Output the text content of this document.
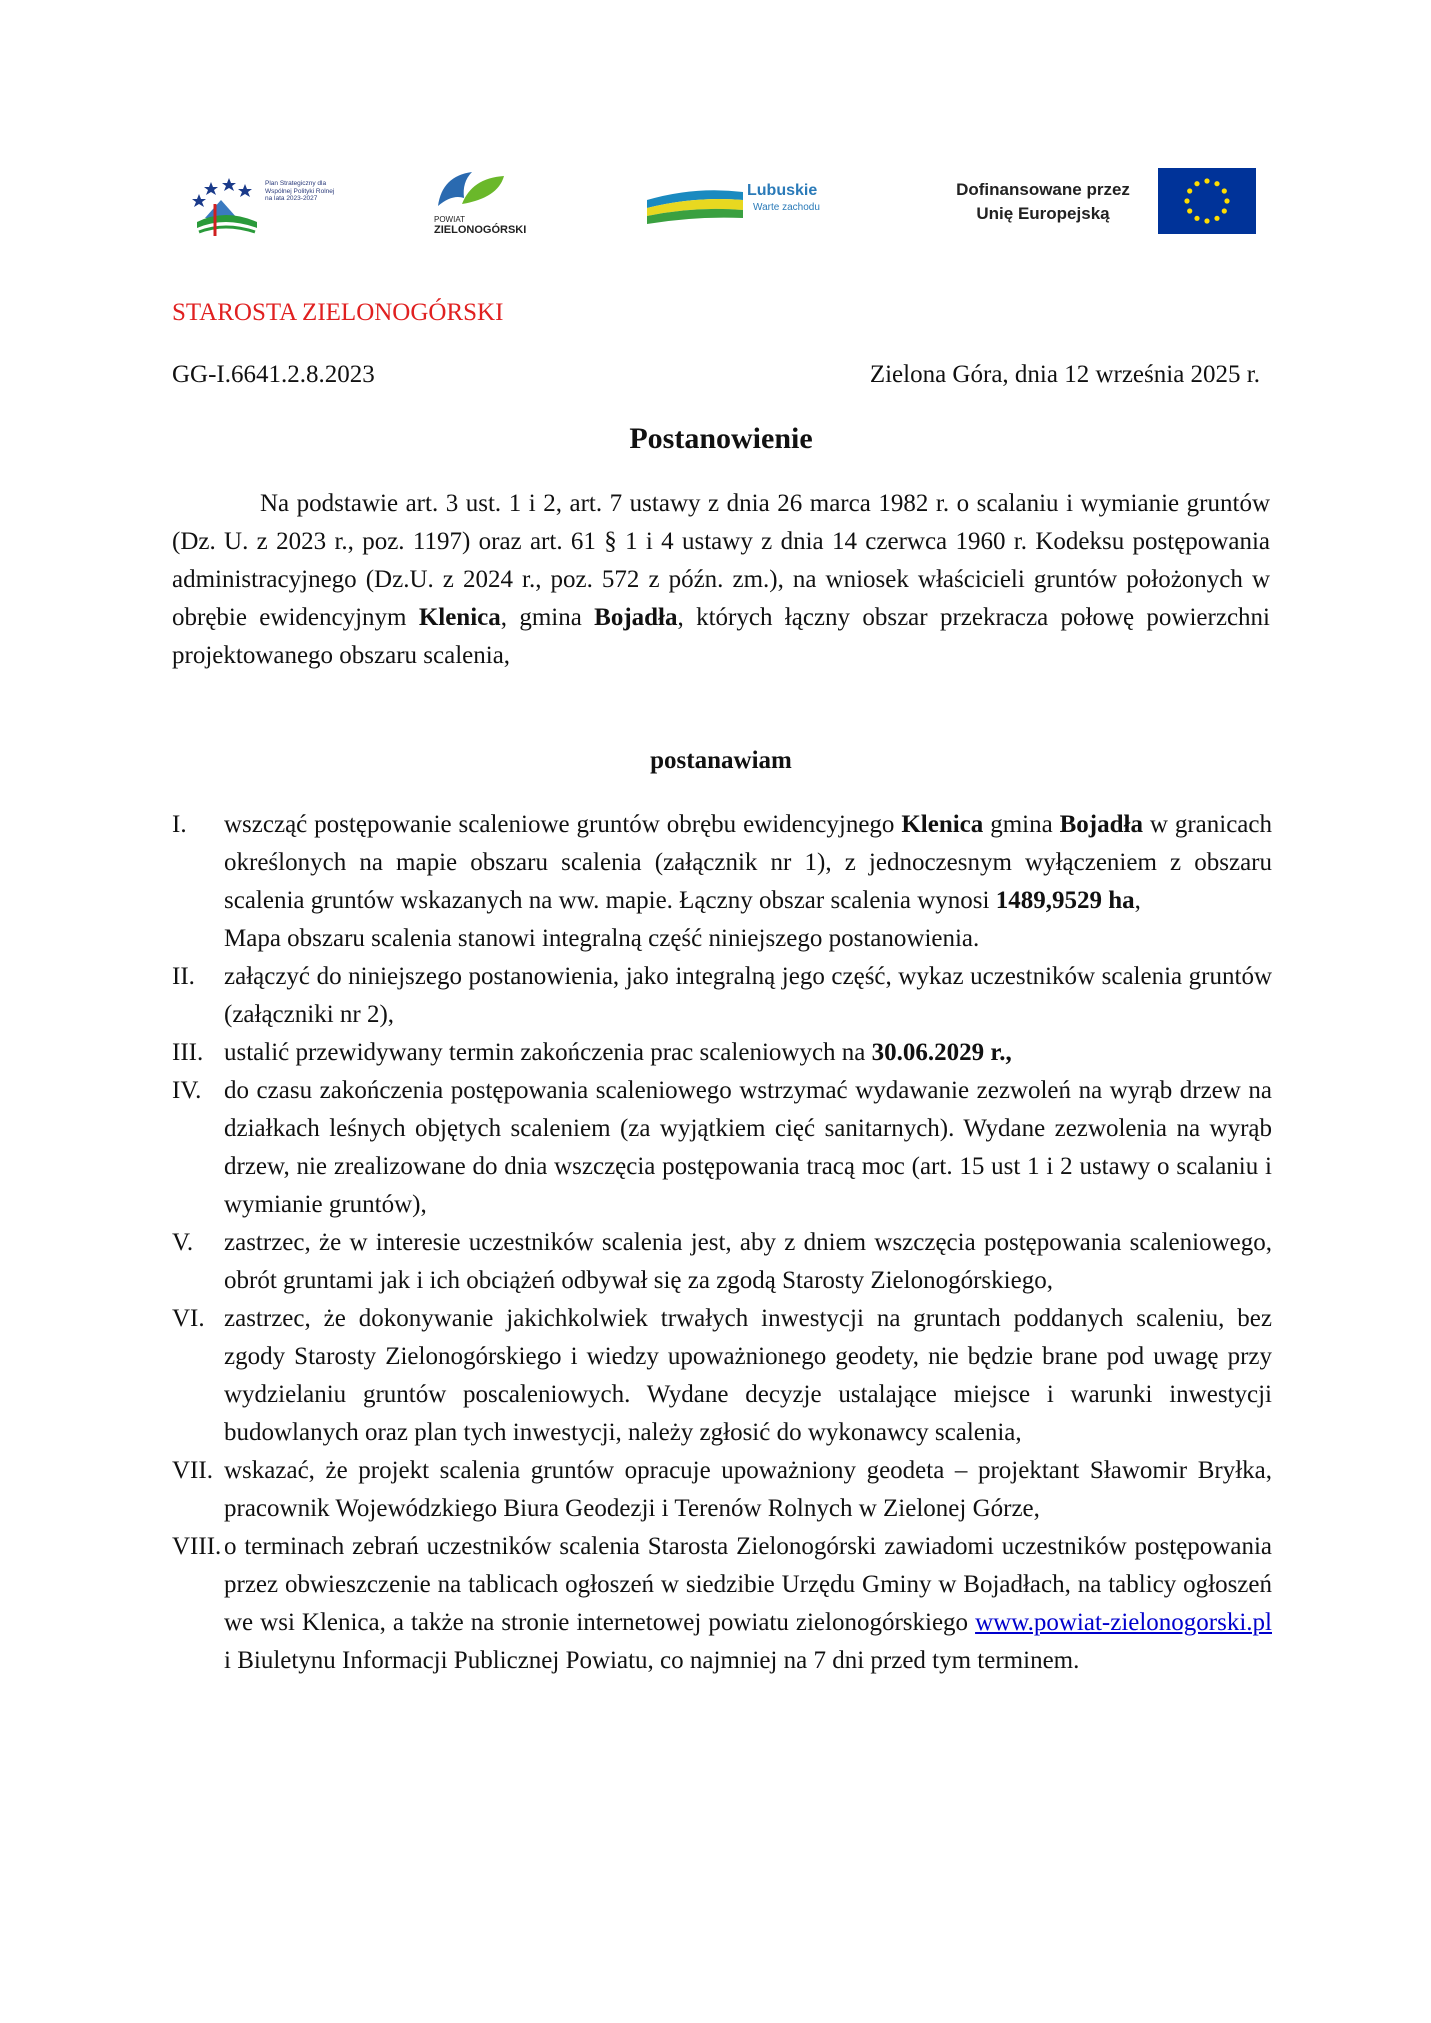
Plan Strategiczny dla Wspólnej Polityki Rolnej na lata 2023-2027
POWIAT
ZIELONOGÓRSKI
Lubuskie
Warte zachodu
Dofinansowane przez Unię Europejską
STAROSTA ZIELONOGÓRSKI
GG-I.6641.2.8.2023	Zielona Góra, dnia 12 września 2025 r.
Postanowienie
Na podstawie art. 3 ust. 1 i 2, art. 7 ustawy z dnia 26 marca 1982 r. o scalaniu i wymianie gruntów (Dz. U. z 2023 r., poz. 1197) oraz art. 61 § 1 i 4 ustawy z dnia 14 czerwca 1960 r. Kodeksu postępowania administracyjnego (Dz.U. z 2024 r., poz. 572 z późn. zm.), na wniosek właścicieli gruntów położonych w obrębie ewidencyjnym Klenica, gmina Bojadła, których łączny obszar przekracza połowę powierzchni projektowanego obszaru scalenia,
postanawiam
I. wszcząć postępowanie scaleniowe gruntów obrębu ewidencyjnego Klenica gmina Bojadła w granicach określonych na mapie obszaru scalenia (załącznik nr 1), z jednoczesnym wyłączeniem z obszaru scalenia gruntów wskazanych na ww. mapie. Łączny obszar scalenia wynosi 1489,9529 ha,
Mapa obszaru scalenia stanowi integralną część niniejszego postanowienia.
II. załączyć do niniejszego postanowienia, jako integralną jego część, wykaz uczestników scalenia gruntów (załączniki nr 2),
III. ustalić przewidywany termin zakończenia prac scaleniowych na 30.06.2029 r.,
IV. do czasu zakończenia postępowania scaleniowego wstrzymać wydawanie zezwoleń na wyrąb drzew na działkach leśnych objętych scaleniem (za wyjątkiem cięć sanitarnych). Wydane zezwolenia na wyrąb drzew, nie zrealizowane do dnia wszczęcia postępowania tracą moc (art. 15 ust 1 i 2 ustawy o scalaniu i wymianie gruntów),
V. zastrzec, że w interesie uczestników scalenia jest, aby z dniem wszczęcia postępowania scaleniowego, obrót gruntami jak i ich obciążeń odbywał się za zgodą Starosty Zielonogórskiego,
VI. zastrzec, że dokonywanie jakichkolwiek trwałych inwestycji na gruntach poddanych scaleniu, bez zgody Starosty Zielonogórskiego i wiedzy upoważnionego geodety, nie będzie brane pod uwagę przy wydzielaniu gruntów poscaleniowych. Wydane decyzje ustalające miejsce i warunki inwestycji budowlanych oraz plan tych inwestycji, należy zgłosić do wykonawcy scalenia,
VII. wskazać, że projekt scalenia gruntów opracuje upoważniony geodeta – projektant Sławomir Bryłka, pracownik Wojewódzkiego Biura Geodezji i Terenów Rolnych w Zielonej Górze,
VIII. o terminach zebrań uczestników scalenia Starosta Zielonogórski zawiadomi uczestników postępowania przez obwieszczenie na tablicach ogłoszeń w siedzibie Urzędu Gminy w Bojadłach, na tablicy ogłoszeń we wsi Klenica, a także na stronie internetowej powiatu zielonogórskiego www.powiat-zielonogorski.pl i Biuletynu Informacji Publicznej Powiatu, co najmniej na 7 dni przed tym terminem.
